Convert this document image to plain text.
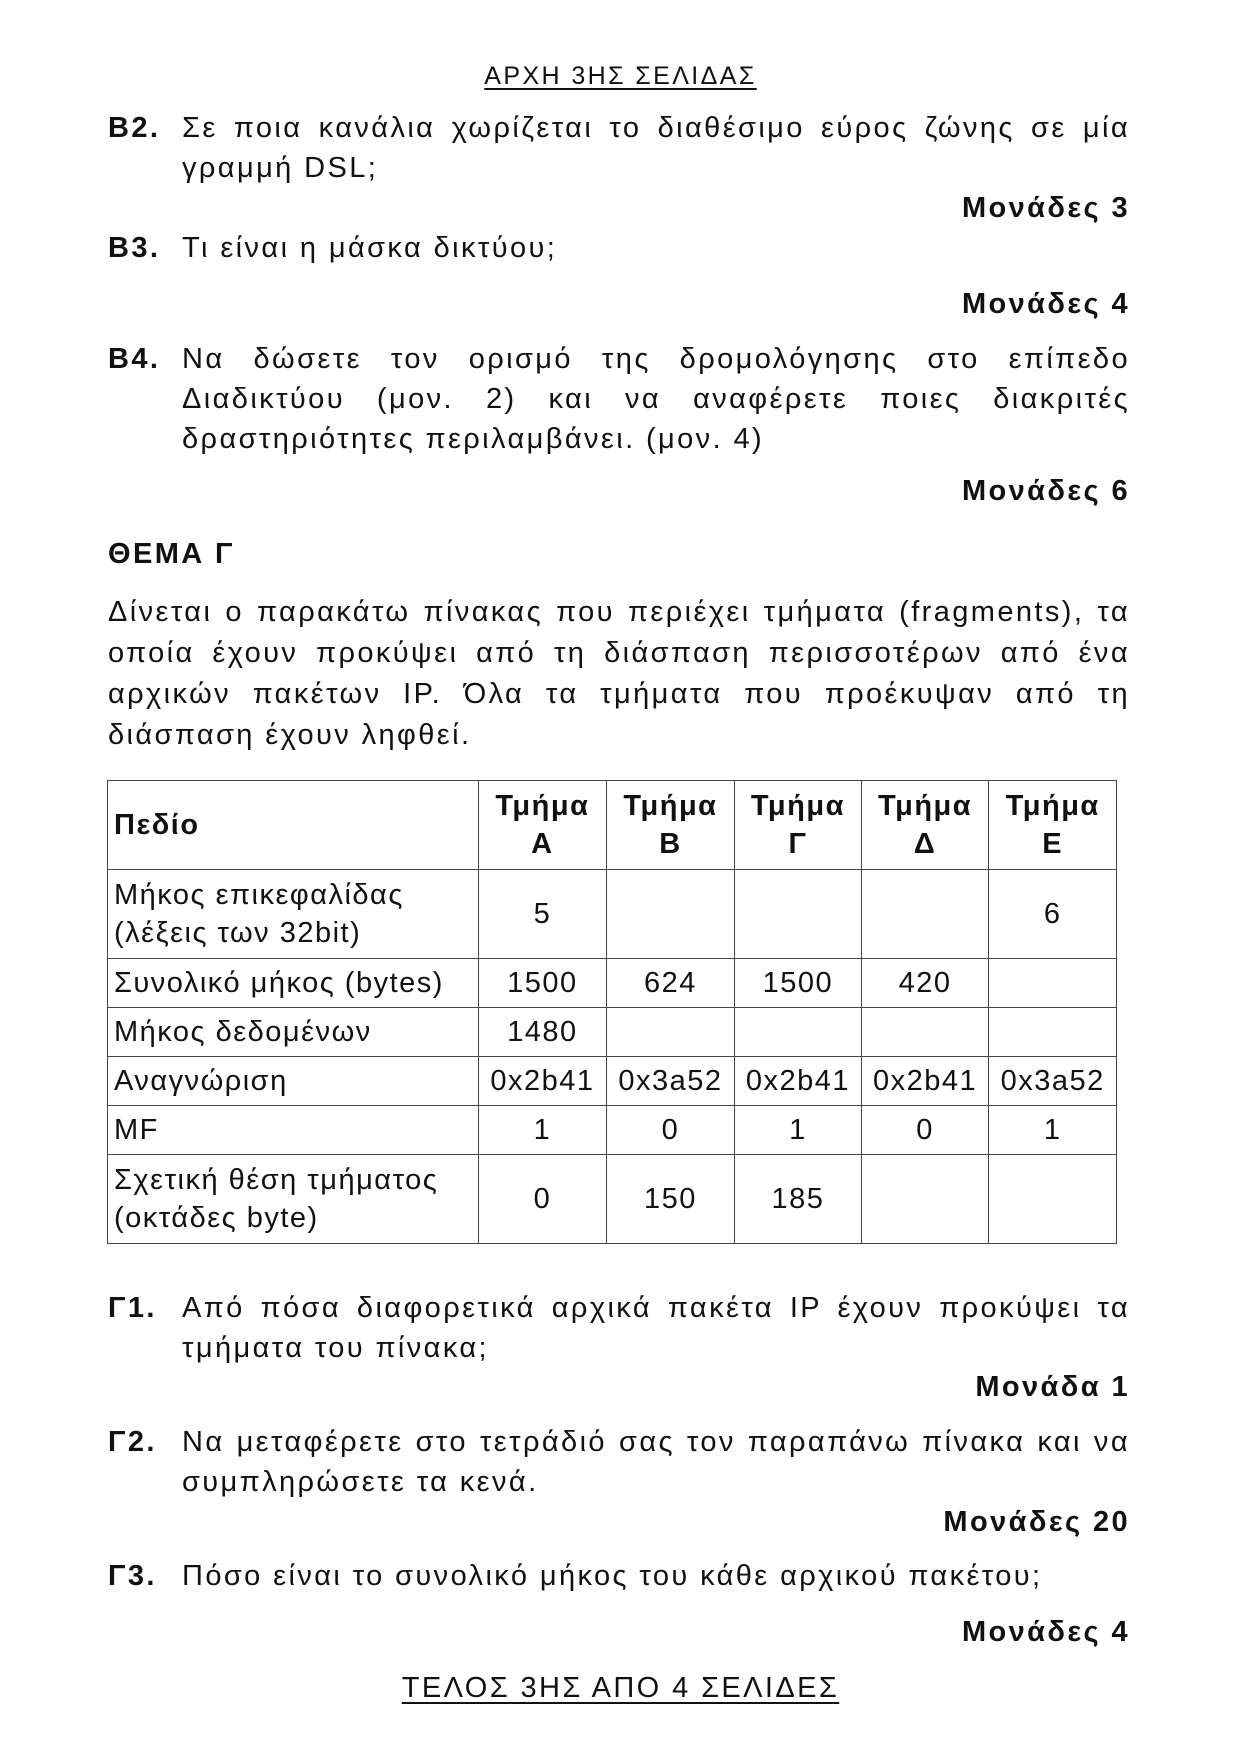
ΑΡΧΗ 3ΗΣ ΣΕΛΙΔΑΣ
Β2. Σε ποια κανάλια χωρίζεται το διαθέσιμο εύρος ζώνης σε μία γραμμή DSL;
Μονάδες 3
Β3. Τι είναι η μάσκα δικτύου;
Μονάδες 4
Β4. Να δώσετε τον ορισμό της δρομολόγησης στο επίπεδο Διαδικτύου (μον. 2) και να αναφέρετε ποιες διακριτές δραστηριότητες περιλαμβάνει. (μον. 4)
Μονάδες 6
ΘΕΜΑ Γ
Δίνεται ο παρακάτω πίνακας που περιέχει τμήματα (fragments), τα οποία έχουν προκύψει από τη διάσπαση περισσοτέρων από ένα αρχικών πακέτων IP. Όλα τα τμήματα που προέκυψαν από τη διάσπαση έχουν ληφθεί.
Πεδίο	Τμήμα Α	Τμήμα Β	Τμήμα Γ	Τμήμα Δ	Τμήμα Ε
Μήκος επικεφαλίδας (λέξεις των 32bit)	5				6
Συνολικό μήκος (bytes)	1500	624	1500	420	
Μήκος δεδομένων	1480				
Αναγνώριση	0x2b41	0x3a52	0x2b41	0x2b41	0x3a52
MF	1	0	1	0	1
Σχετική θέση τμήματος (οκτάδες byte)	0	150	185		
Γ1. Από πόσα διαφορετικά αρχικά πακέτα IP έχουν προκύψει τα τμήματα του πίνακα;
Μονάδα 1
Γ2. Να μεταφέρετε στο τετράδιό σας τον παραπάνω πίνακα και να συμπληρώσετε τα κενά.
Μονάδες 20
Γ3. Πόσο είναι το συνολικό μήκος του κάθε αρχικού πακέτου;
Μονάδες 4
ΤΕΛΟΣ 3ΗΣ ΑΠΟ 4 ΣΕΛΙΔΕΣ
